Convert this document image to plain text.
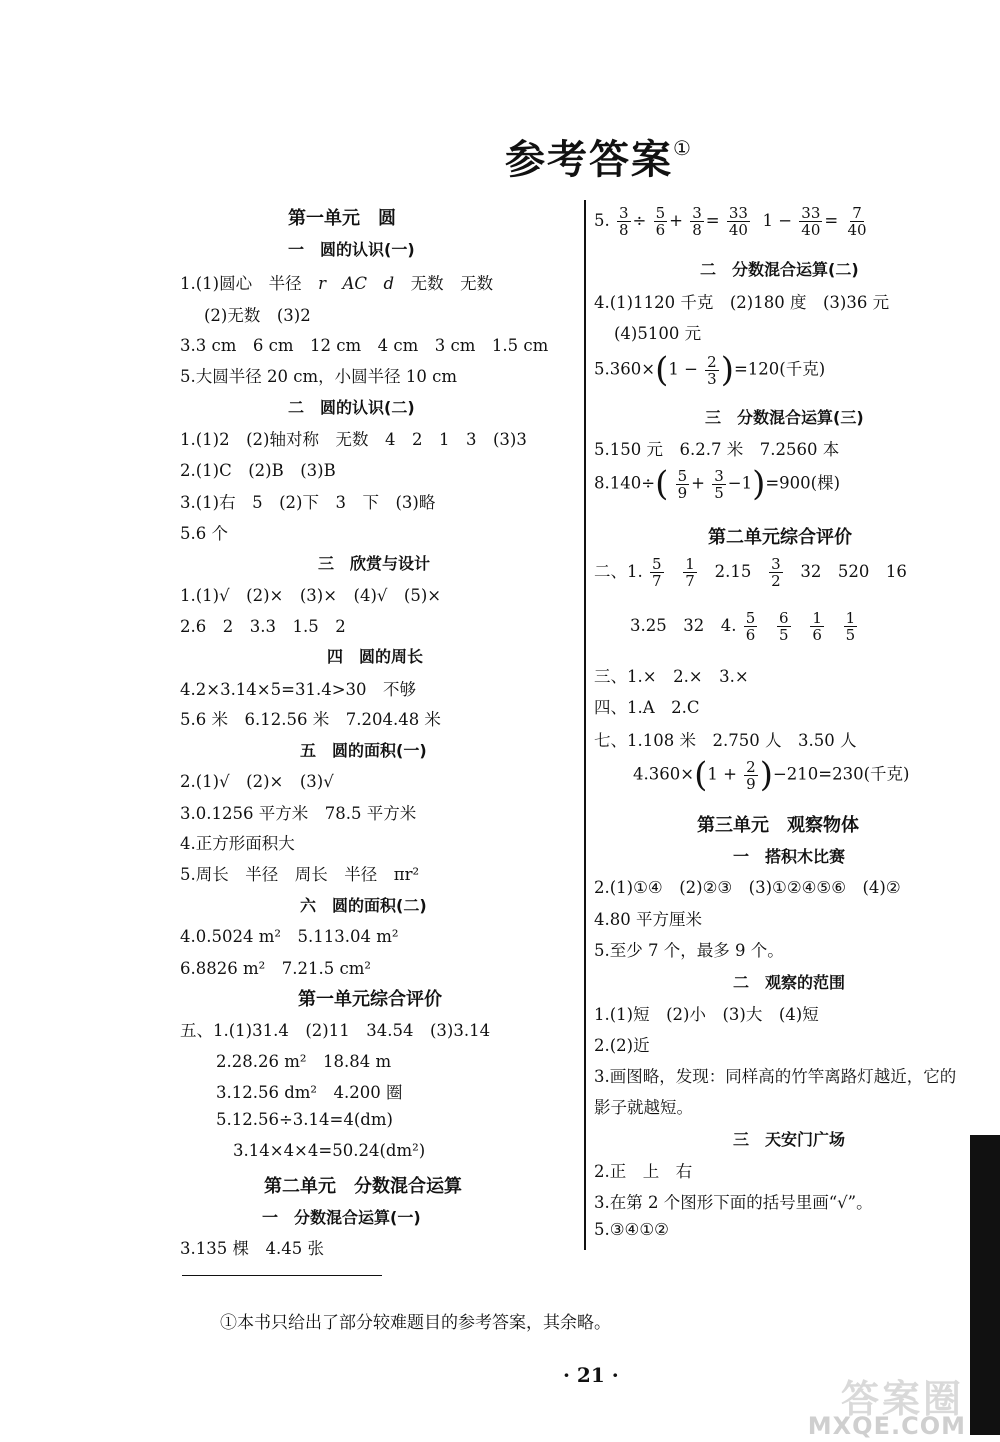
参考答案①
第一单元　圆
一　圆的认识(一)
1.(1)圆心　半径　r　AC　d　无数　无数
(2)无数　(3)2
3.3 cm　6 cm　12 cm　4 cm　3 cm　1.5 cm
5.大圆半径 20 cm，小圆半径 10 cm
二　圆的认识(二)
1.(1)2　(2)轴对称　无数　4　2　1　3　(3)3
2.(1)C　(2)B　(3)B
3.(1)右　5　(2)下　3　下　(3)略
5.6 个
三　欣赏与设计
1.(1)√　(2)×　(3)×　(4)√　(5)×
2.6　2　3.3　1.5　2
四　圆的周长
4.2×3.14×5=31.4>30　不够
5.6 米　6.12.56 米　7.204.48 米
五　圆的面积(一)
2.(1)√　(2)×　(3)√
3.0.1256 平方米　78.5 平方米
4.正方形面积大
5.周长　半径　周长　半径　πr²
六　圆的面积(二)
4.0.5024 m²　5.113.04 m²
6.8826 m²　7.21.5 cm²
第一单元综合评价
五、1.(1)31.4　(2)11　34.54　(3)3.14
2.28.26 m²　18.84 m
3.12.56 dm²　4.200 圈
5.12.56÷3.14=4(dm)
3.14×4×4=50.24(dm²)
第二单元　分数混合运算
一　分数混合运算(一)
3.135 棵　4.45 张
5. $\frac{3}{8} \div \frac{5}{6} + \frac{3}{8} = \frac{33}{40} 1 - \frac{33}{40} = \frac{7}{40}$
二　分数混合运算(二)
4.(1)1120 千克　(2)180 度　(3)36 元
(4)5100 元
$5.360\times(1 - \frac{2}{3} )=120$(千克)
三　分数混合运算(三)
5.150 元　6.2.7 米　7.2560 本
$8.140\div( \frac{5}{9} + \frac{3}{5} -1)=900$(棵)
第二单元综合评价
二、1. $\frac{5}{7}$
$\frac{1}{7} 2.15 \frac{3}{2} 32$　520　16
3.25　32　4. $\frac{5}{6}$
$\frac{6}{5}$
$\frac{1}{6}$
$\frac{1}{5}$
三、1.×　2.×　3.×
四、1.A　2.C
七、1.108 米　2.750 人　3.50 人
$4.360\times(1 + \frac{2}{9} )-210=230$(千克)
第三单元　观察物体
一　搭积木比赛
2.(1)①④　(2)②③　(3)①②④⑤⑥　(4)②
4.80 平方厘米
5.至少 7 个，最多 9 个。
二　观察的范围
1.(1)短　(2)小　(3)大　(4)短
2.(2)近
3.画图略，发现：同样高的竹竿离路灯越近，它的
影子就越短。
三　天安门广场
2.正　上　右
3.在第 2 个图形下面的括号里画“√”。
5.③④①②
①本书只给出了部分较难题目的参考答案，其余略。
· 21 ·
答案圈
MXQE.COM
